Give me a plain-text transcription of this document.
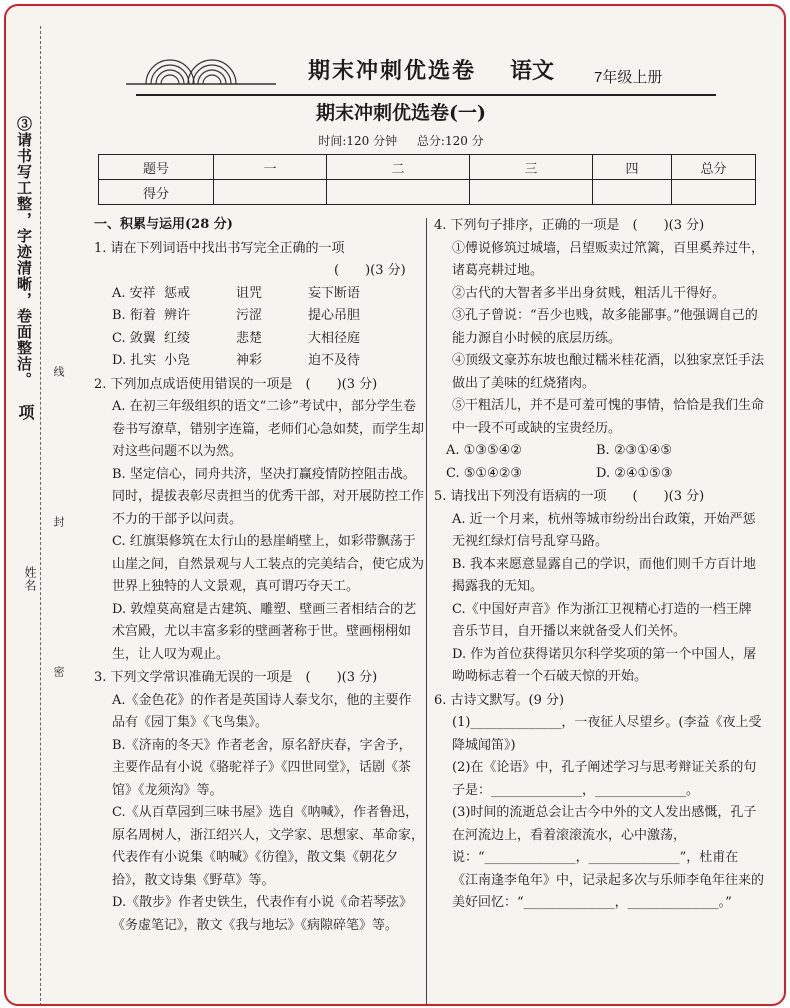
③请书写工整，字迹清晰，卷面整洁。
项
线
封
姓名
密
期末冲刺优选卷 语文	7年级上册
期末冲刺优选卷(一)
时间:120 分钟 总分:120 分
题号	一	二	三	四	总分
得分					
一、积累与运用(28 分)
1. 请在下列词语中找出书写完全正确的一项
(　　)(3 分)
A. 安祥 惩戒	诅咒	妄下断语
B. 衔着 辨许	污涩	提心吊胆
C. 敛翼 红绫	悲楚	大相径庭
D. 扎实 小凫	神彩	迫不及待
2. 下列加点成语使用错误的一项是　(　　)(3 分)
A. 在初三年级组织的语文“二诊”考试中，部分学生卷卷书写潦草，错别字连篇，老师们心急如焚，而学生却对这些问题不以为然。
B. 坚定信心，同舟共济，坚决打赢疫情防控阻击战。同时，提拔表彰尽责担当的优秀干部，对开展防控工作不力的干部予以问责。
C. 红旗渠修筑在太行山的悬崖峭壁上，如彩带飘荡于山崖之间，自然景观与人工装点的完美结合，使它成为世界上独特的人文景观，真可谓巧夺天工。
D. 敦煌莫高窟是古建筑、雕塑、壁画三者相结合的艺术宫殿，尤以丰富多彩的壁画著称于世。壁画栩栩如生，让人叹为观止。
3. 下列文学常识准确无误的一项是　(　　)(3 分)
A.《金色花》的作者是英国诗人泰戈尔，他的主要作品有《园丁集》《飞鸟集》。
B.《济南的冬天》作者老舍，原名舒庆春，字舍予，主要作品有小说《骆驼祥子》《四世同堂》，话剧《茶馆》《龙须沟》等。
C.《从百草园到三味书屋》选自《呐喊》，作者鲁迅，原名周树人，浙江绍兴人，文学家、思想家、革命家，代表作有小说集《呐喊》《彷徨》，散文集《朝花夕拾》，散文诗集《野草》等。
D.《散步》作者史铁生，代表作有小说《命若琴弦》《务虚笔记》，散文《我与地坛》《病隙碎笔》等。
4. 下列句子排序，正确的一项是　(　　)(3 分)
①傅说修筑过城墙，吕望贩卖过笊篱，百里奚养过牛，诸葛亮耕过地。
②古代的大智者多半出身贫贱，粗活儿干得好。
③孔子曾说：“吾少也贱，故多能鄙事。”他强调自己的能力源自小时候的底层历练。
④顶级文豪苏东坡也酿过糯米桂花酒，以独家烹饪手法做出了美味的红烧猪肉。
⑤干粗活儿，并不是可羞可愧的事情，恰恰是我们生命中一段不可或缺的宝贵经历。
A. ①③⑤④②	B. ②③①④⑤
C. ⑤①④②③	D. ②④①⑤③
5. 请找出下列没有语病的一项　　(　　)(3 分)
A. 近一个月来，杭州等城市纷纷出台政策，开始严惩无视红绿灯信号乱穿马路。
B. 我本来愿意显露自己的学识，而他们则千方百计地揭露我的无知。
C.《中国好声音》作为浙江卫视精心打造的一档王牌音乐节目，自开播以来就备受人们关怀。
D. 作为首位获得诺贝尔科学奖项的第一个中国人，屠呦呦标志着一个石破天惊的开始。
6. 古诗文默写。(9 分)
(1)______________，一夜征人尽望乡。(李益《夜上受降城闻笛》)
(2)在《论语》中，孔子阐述学习与思考辩证关系的句子是：______________，______________。
(3)时间的流逝总会让古今中外的文人发出感慨，孔子在河流边上，看着滚滚流水，心中激荡，说：“______________，______________”，杜甫在《江南逢李龟年》中，记录起多次与乐师李龟年往来的美好回忆：“______________，______________。”
